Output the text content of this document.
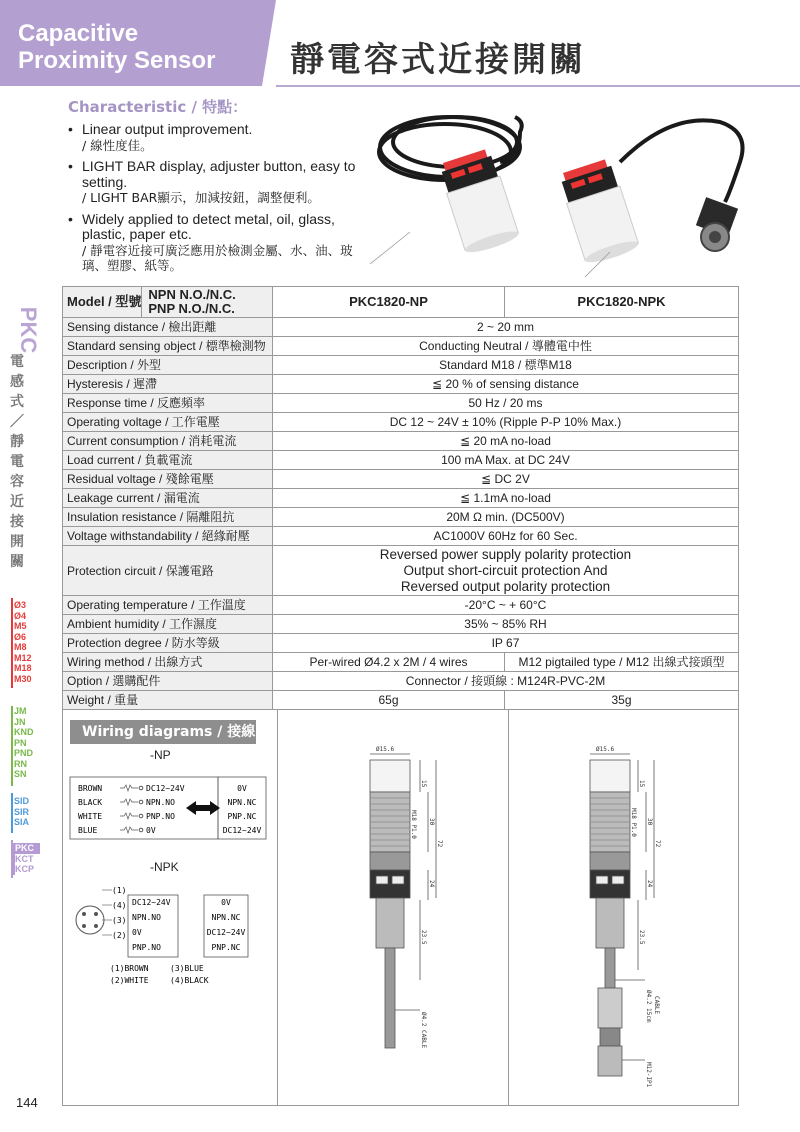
Capacitive
Proximity Sensor 靜電容式近接開關
PKC
電
感
式
／
靜
電
容
近
接
開
關
Ø3
Ø4
M5
Ø6
M8
M12
M18
M30
JM
JN
KND
PN
PND
RN
SN
SID
SIR
SIA
PKC
KCT
KCP
Characteristic / 特點：
• Linear output improvement.
/ 線性度佳。
• LIGHT BAR display, adjuster button, easy to setting.
/ LIGHT BAR顯示，加減按鈕，調整便利。
• Widely applied to detect metal, oil, glass, plastic, paper etc.
/ 靜電容近接可廣泛應用於檢測金屬、水、油、玻璃、塑膠、紙等。
Model / 型號 NPN N.O./N.C.
PNP N.O./N.C.	PKC1820-NP	PKC1820-NPK
Sensing distance / 檢出距離	2 ~ 20 mm	
Standard sensing object / 標準檢測物	Conducting Neutral / 導體電中性	
Description / 外型	Standard M18 / 標準M18	
Hysteresis / 遲滯	≦ 20 % of sensing distance	
Response time / 反應頻率	50 Hz / 20 ms	
Operating voltage / 工作電壓	DC 12 ~ 24V ± 10% (Ripple P-P 10% Max.)	
Current consumption / 消耗電流	≦ 20 mA no-load	
Load current / 負載電流	100 mA Max. at DC 24V	
Residual voltage / 殘餘電壓	≦ DC 2V	
Leakage current / 漏電流	≦ 1.1mA no-load	
Insulation resistance / 隔離阻抗	20M Ω min. (DC500V)	
Voltage withstandability / 絕緣耐壓	AC1000V 60Hz for 60 Sec.	
Protection circuit / 保護電路	Reversed power supply polarity protection
Output short-circuit protection And
Reversed output polarity protection	

Operating temperature / 工作溫度	-20°C ~ + 60°C	
Ambient humidity / 工作濕度	35% ~ 85% RH	
Protection degree / 防水等級	IP 67	
Wiring method / 出線方式	Per-wired Ø4.2 x 2M / 4 wires	M12 pigtailed type / M12 出線式接頭型
Option / 選購配件	Connector / 接頭線 : M124R-PVC-2M	
Weight / 重量	65g	35g
Wiring diagrams / 接線圖	-NP
-NPK
BROWN	DC12~24V	0V
BLACK	NPN.NO	NPN.NC
WHITE	PNP.NO	PNP.NC
BLUE	0V	DC12~24V
(1)
DC12~24V	0V
(4)
NPN.NO	NPN.NC
(3)
0V	DC12~24V
(2)
PNP.NO	PNP.NC
(1)BROWN	(3)BLUE
(2)WHITE	(4)BLACK
Ø15.6
15
30
M18 P1.0
72
24
23.5
Ø4.2 CABLE
Ø15.6
15
30
M18 P1.0
72
24
23.5
Ø4.2 15cm CABLE
M12-IP1
144
